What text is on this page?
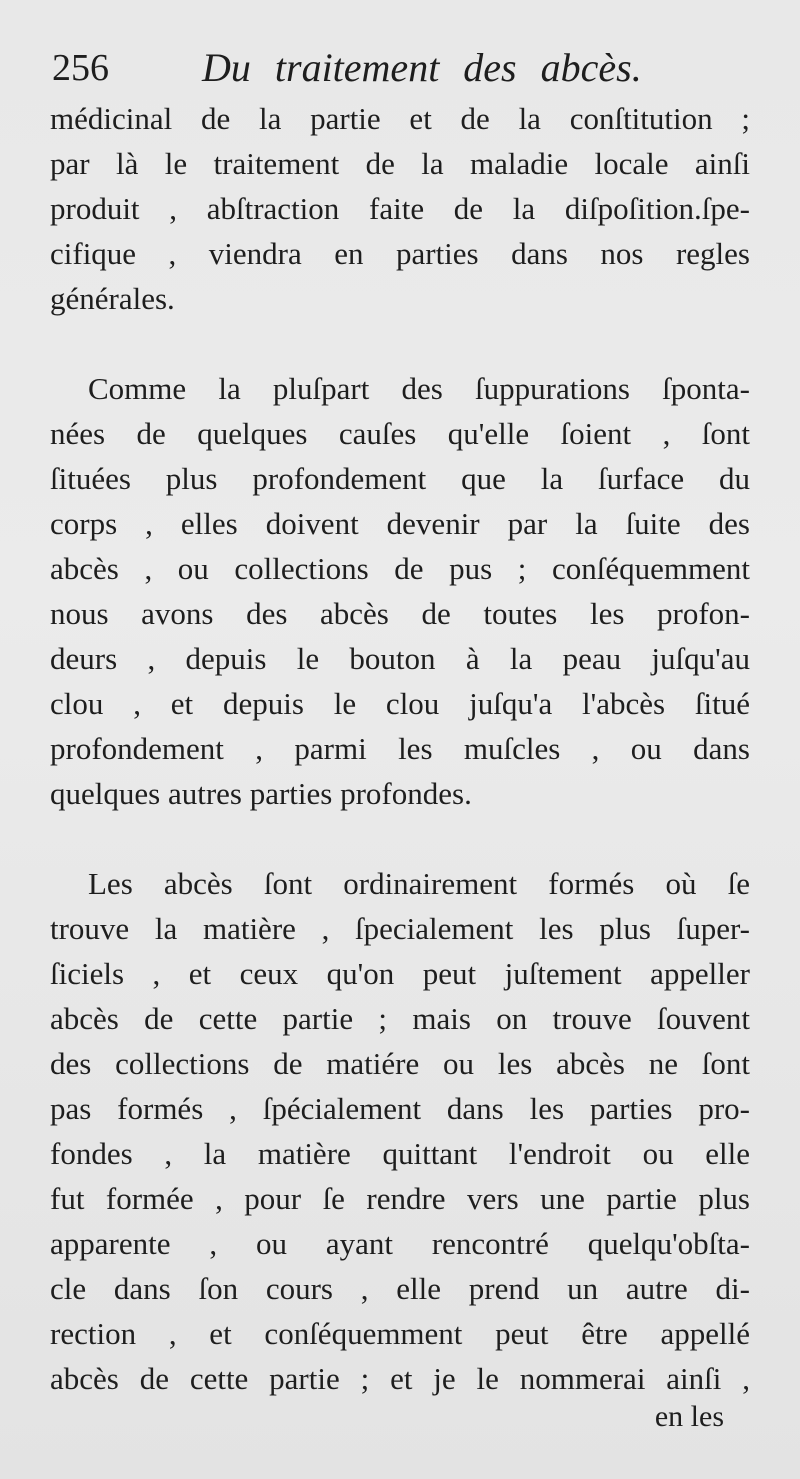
256 Du traitement des abcès.
médicinal de la partie et de la conſtitution ;
par là le traitement de la maladie locale ainſi
produit , abſtraction faite de la diſpoſition.ſpe-
cifique , viendra en parties dans nos regles
générales.
Comme la pluſpart des ſuppurations ſponta-
nées de quelques cauſes qu'elle ſoient , ſont
ſituées plus profondement que la ſurface du
corps , elles doivent devenir par la ſuite des
abcès , ou collections de pus ; conſéquemment
nous avons des abcès de toutes les profon-
deurs , depuis le bouton à la peau juſqu'au
clou , et depuis le clou juſqu'a l'abcès ſitué
profondement , parmi les muſcles , ou dans
quelques autres parties profondes.
Les abcès ſont ordinairement formés où ſe
trouve la matière , ſpecialement les plus ſuper-
ſiciels , et ceux qu'on peut juſtement appeller
abcès de cette partie ; mais on trouve ſouvent
des collections de matiére ou les abcès ne ſont
pas formés , ſpécialement dans les parties pro-
fondes , la matière quittant l'endroit ou elle
fut formée , pour ſe rendre vers une partie plus
apparente , ou ayant rencontré quelqu'obſta-
cle dans ſon cours , elle prend un autre di-
rection , et conſéquemment peut être appellé
abcès de cette partie ; et je le nommerai ainſi ,
en les
